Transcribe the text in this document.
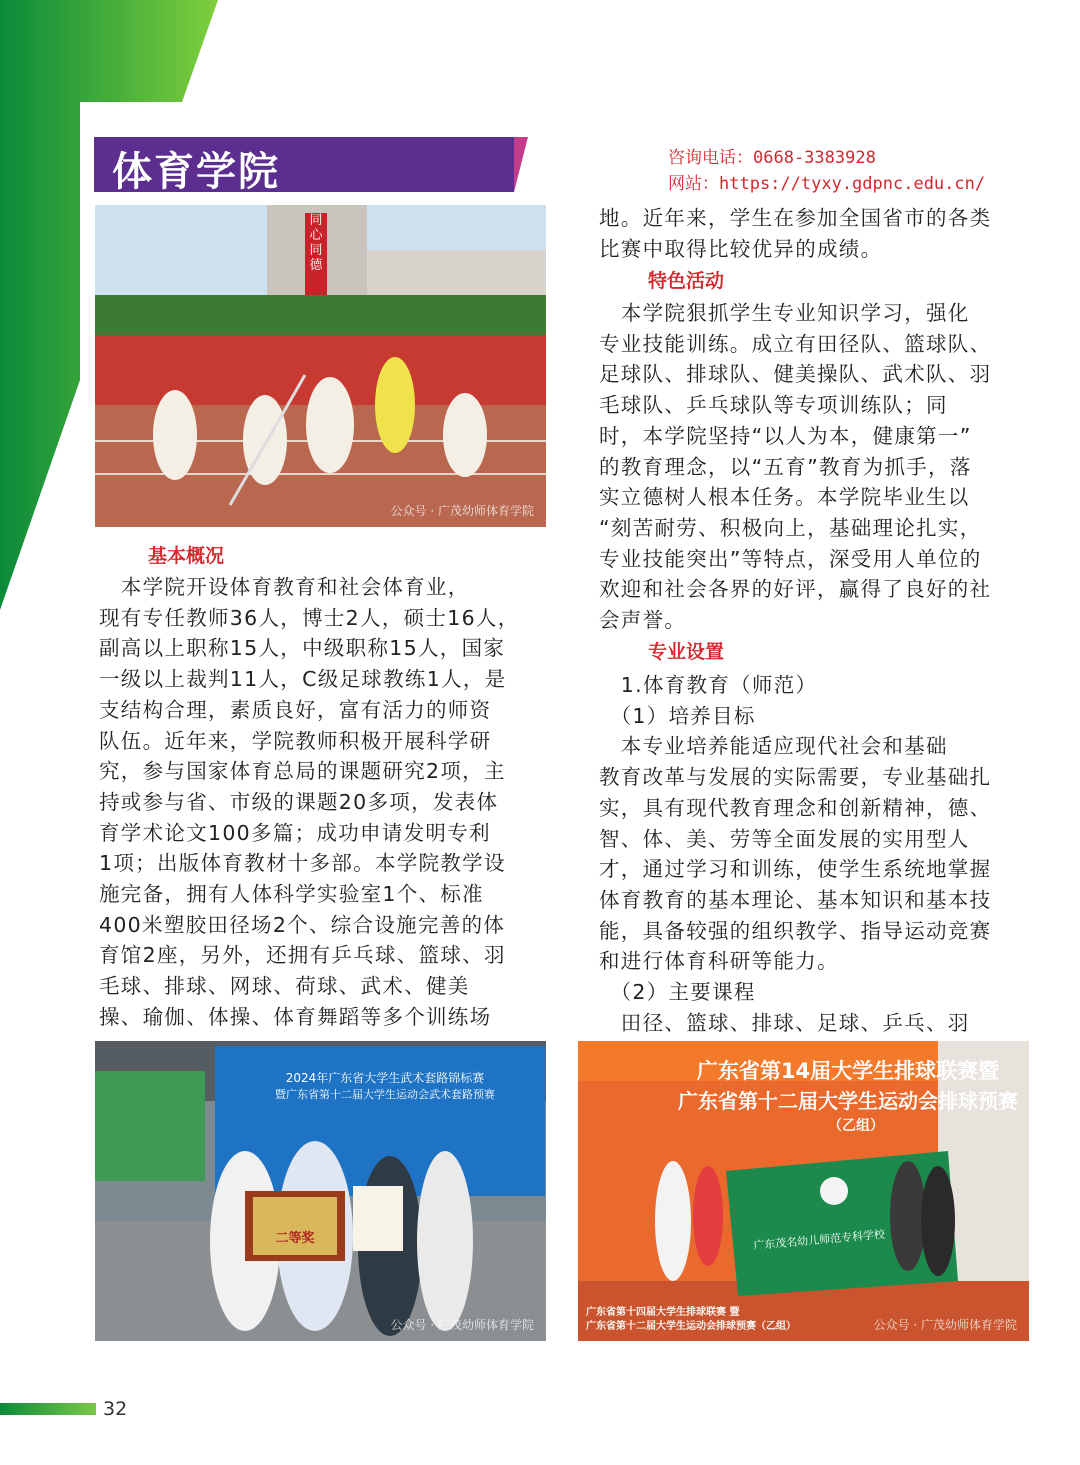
体育学院	咨询电话：0668-3383928
网站：https://tyxy.gdpnc.edu.cn/
同心同德
公众号 · 广茂幼师体育学院
基本概况
　本学院开设体育教育和社会体育业，
现有专任教师36人，博士2人，硕士16人，
副高以上职称15人，中级职称15人，国家
一级以上裁判11人，C级足球教练1人，是
支结构合理，素质良好，富有活力的师资
队伍。近年来，学院教师积极开展科学研
究，参与国家体育总局的课题研究2项，主
持或参与省、市级的课题20多项，发表体
育学术论文100多篇；成功申请发明专利
1项；出版体育教材十多部。本学院教学设
施完备，拥有人体科学实验室1个、标准
400米塑胶田径场2个、综合设施完善的体
育馆2座，另外，还拥有乒乓球、篮球、羽
毛球、排球、网球、荷球、武术、健美
操、瑜伽、体操、体育舞蹈等多个训练场
地。近年来，学生在参加全国省市的各类
比赛中取得比较优异的成绩。
特色活动
　本学院狠抓学生专业知识学习，强化
专业技能训练。成立有田径队、篮球队、
足球队、排球队、健美操队、武术队、羽
毛球队、乒乓球队等专项训练队；同
时，本学院坚持“以人为本，健康第一”
的教育理念，以“五育”教育为抓手，落
实立德树人根本任务。本学院毕业生以
“刻苦耐劳、积极向上，基础理论扎实，
专业技能突出”等特点，深受用人单位的
欢迎和社会各界的好评，赢得了良好的社
会声誉。
专业设置
　1.体育教育（师范）
　（1）培养目标
　本专业培养能适应现代社会和基础
教育改革与发展的实际需要，专业基础扎
实，具有现代教育理念和创新精神，德、
智、体、美、劳等全面发展的实用型人
才，通过学习和训练，使学生系统地掌握
体育教育的基本理论、基本知识和基本技
能，具备较强的组织教学、指导运动竞赛
和进行体育科研等能力。
　（2）主要课程
　田径、篮球、排球、足球、乒乓、羽
2024年广东省大学生武术套路锦标赛
暨广东省第十二届大学生运动会武术套路预赛
二等奖
公众号 · 广茂幼师体育学院
广东省第14届大学生排球联赛暨
广东省第十二届大学生运动会排球预赛
（乙组）
广东茂名幼儿师范专科学校
广东省第十四届大学生排球联赛 暨
广东省第十二届大学生运动会排球预赛（乙组）	公众号 · 广茂幼师体育学院
32
